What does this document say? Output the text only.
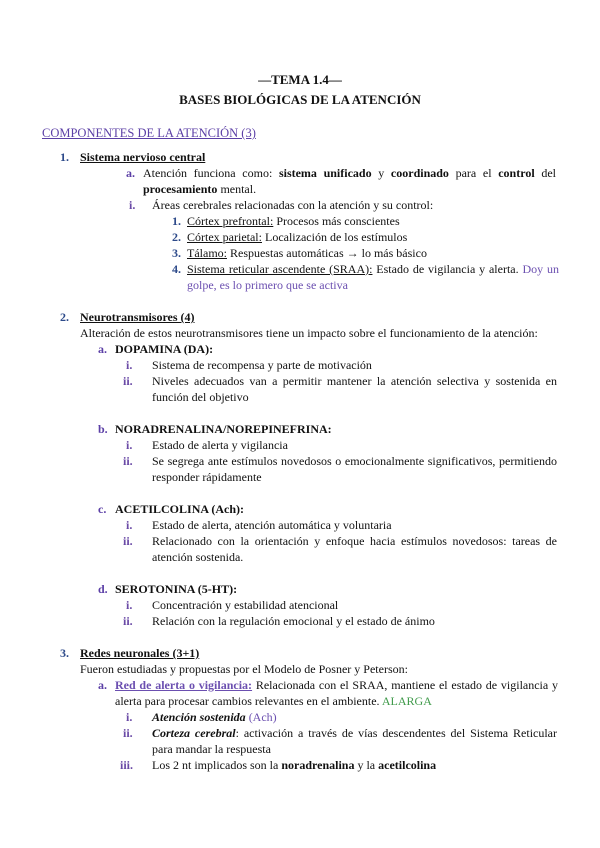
—TEMA 1.4—
BASES BIOLÓGICAS DE LA ATENCIÓN
COMPONENTES DE LA ATENCIÓN (3)
1. Sistema nervioso central
a. Atención funciona como: sistema unificado y coordinado para el control del procesamiento mental.
i. Áreas cerebrales relacionadas con la atención y su control:
1. Córtex prefrontal: Procesos más conscientes
2. Córtex parietal: Localización de los estímulos
3. Tálamo: Respuestas automáticas → lo más básico
4. Sistema reticular ascendente (SRAA): Estado de vigilancia y alerta. Doy un golpe, es lo primero que se activa
2. Neurotransmisores (4)
Alteración de estos neurotransmisores tiene un impacto sobre el funcionamiento de la atención:
a. DOPAMINA (DA):
i. Sistema de recompensa y parte de motivación
ii. Niveles adecuados van a permitir mantener la atención selectiva y sostenida en función del objetivo
b. NORADRENALINA/NOREPINEFRINA:
i. Estado de alerta y vigilancia
ii. Se segrega ante estímulos novedosos o emocionalmente significativos, permitiendo responder rápidamente
c. ACETILCOLINA (Ach):
i. Estado de alerta, atención automática y voluntaria
ii. Relacionado con la orientación y enfoque hacia estímulos novedosos: tareas de atención sostenida.
d. SEROTONINA (5-HT):
i. Concentración y estabilidad atencional
ii. Relación con la regulación emocional y el estado de ánimo
3. Redes neuronales (3+1)
Fueron estudiadas y propuestas por el Modelo de Posner y Peterson:
a. Red de alerta o vigilancia: Relacionada con el SRAA, mantiene el estado de vigilancia y alerta para procesar cambios relevantes en el ambiente. ALARGA
i. Atención sostenida (Ach)
ii. Corteza cerebral: activación a través de vías descendentes del Sistema Reticular para mandar la respuesta
iii. Los 2 nt implicados son la noradrenalina y la acetilcolina
